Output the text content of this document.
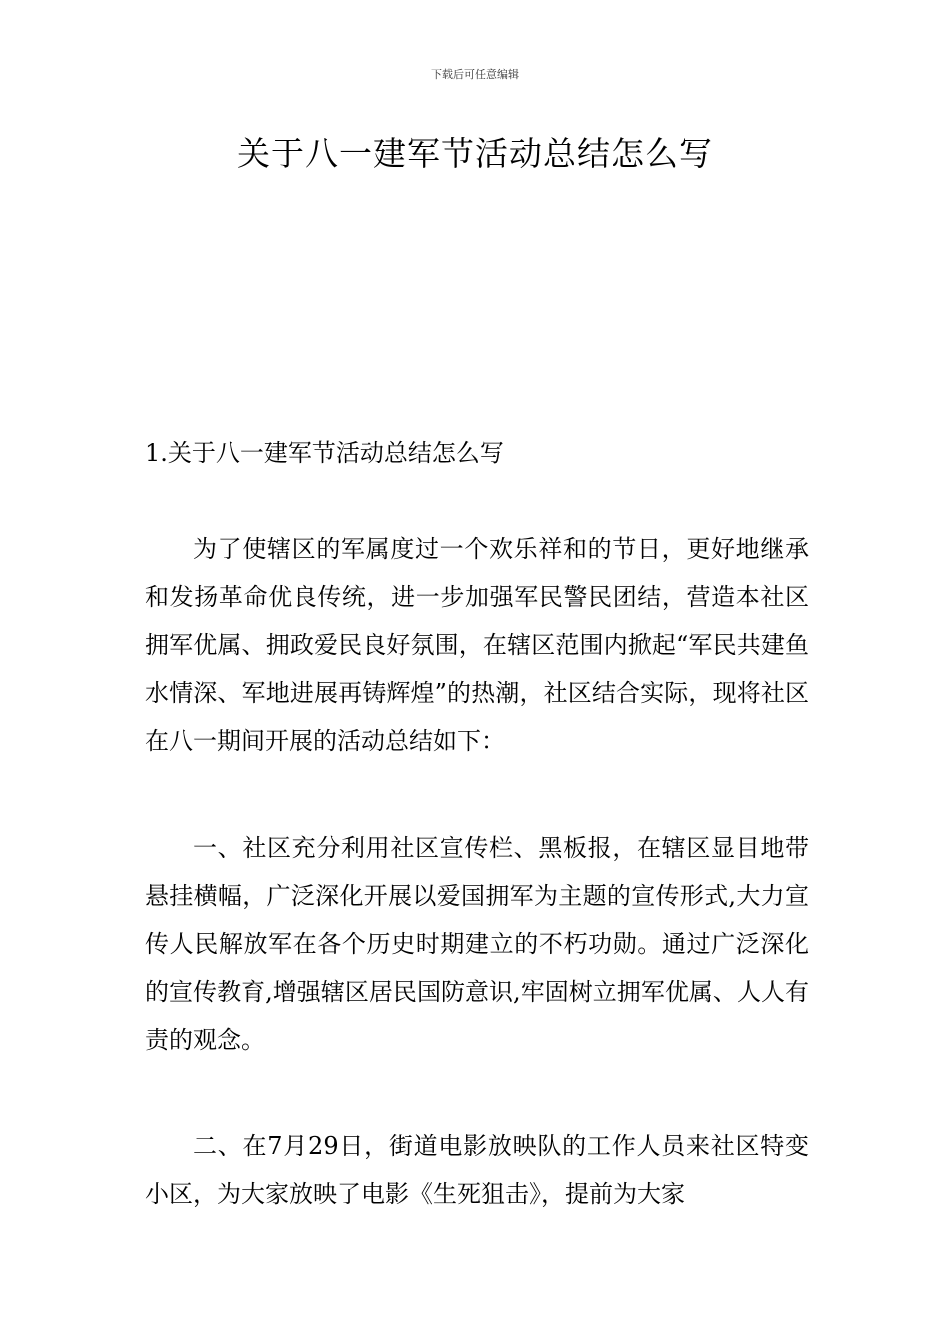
下载后可任意编辑
关于八一建军节活动总结怎么写

1.关于八一建军节活动总结怎么写

为了使辖区的军属度过一个欢乐祥和的节日，更好地继承和发扬革命优良传统，进一步加强军民警民团结，营造本社区拥军优属、拥政爱民良好氛围，在辖区范围内掀起“军民共建鱼水情深、军地进展再铸辉煌”的热潮，社区结合实际，现将社区在八一期间开展的活动总结如下：

一、社区充分利用社区宣传栏、黑板报，在辖区显目地带悬挂横幅，广泛深化开展以爱国拥军为主题的宣传形式,大力宣传人民解放军在各个历史时期建立的不朽功勋。通过广泛深化的宣传教育,增强辖区居民国防意识,牢固树立拥军优属、人人有责的观念。

二、在7月29日，街道电影放映队的工作人员来社区特变小区，为大家放映了电影《生死狙击》，提前为大家
